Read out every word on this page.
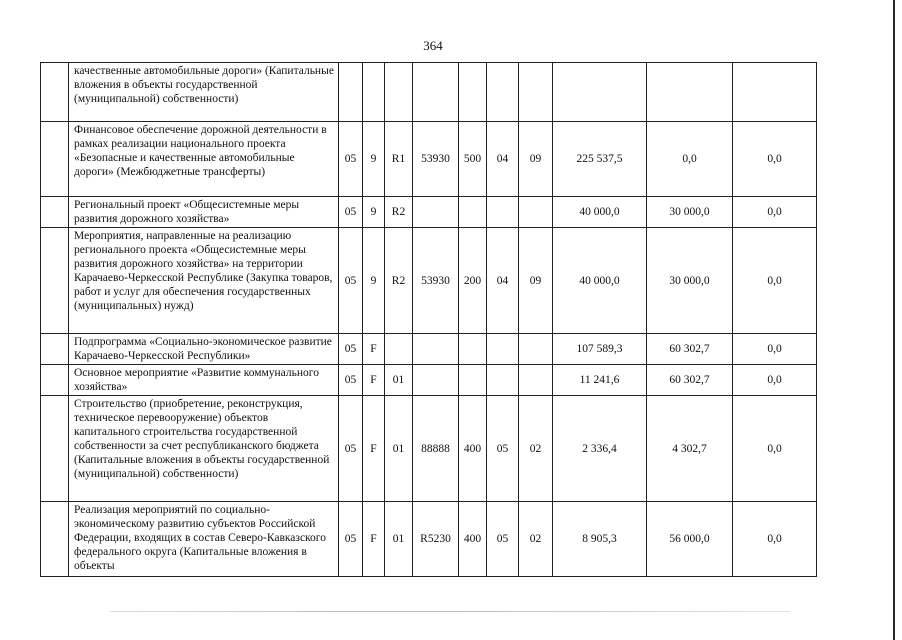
364
	качественные автомобильные дороги» (Капитальные вложения в объекты государственной (муниципальной) собственности)										
	Финансовое обеспечение дорожной деятельности в рамках реализации национального проекта «Безопасные и качественные автомобильные дороги» (Межбюджетные трансферты)	05	9	R1	53930	500	04	09	225 537,5	0,0	0,0
	Региональный проект «Общесистемные меры развития дорожного хозяйства»	05	9	R2					40 000,0	30 000,0	0,0
	Мероприятия, направленные на реализацию регионального проекта «Общесистемные меры развития дорожного хозяйства» на территории Карачаево-Черкесской Республике (Закупка товаров, работ и услуг для обеспечения государственных (муниципальных) нужд)	05	9	R2	53930	200	04	09	40 000,0	30 000,0	0,0
	Подпрограмма «Социально-экономическое развитие Карачаево-Черкесской Республики»	05	F						107 589,3	60 302,7	0,0
	Основное мероприятие «Развитие коммунального хозяйства»	05	F	01					11 241,6	60 302,7	0,0
	Строительство (приобретение, реконструкция, техническое перевооружение) объектов капитального строительства государственной собственности за счет республиканского бюджета (Капитальные вложения в объекты государственной (муниципальной) собственности)	05	F	01	88888	400	05	02	2 336,4	4 302,7	0,0
	Реализация мероприятий по социально-экономическому развитию субъектов Российской Федерации, входящих в состав Северо-Кавказского федерального округа (Капитальные вложения в объекты	05	F	01	R5230	400	05	02	8 905,3	56 000,0	0,0
